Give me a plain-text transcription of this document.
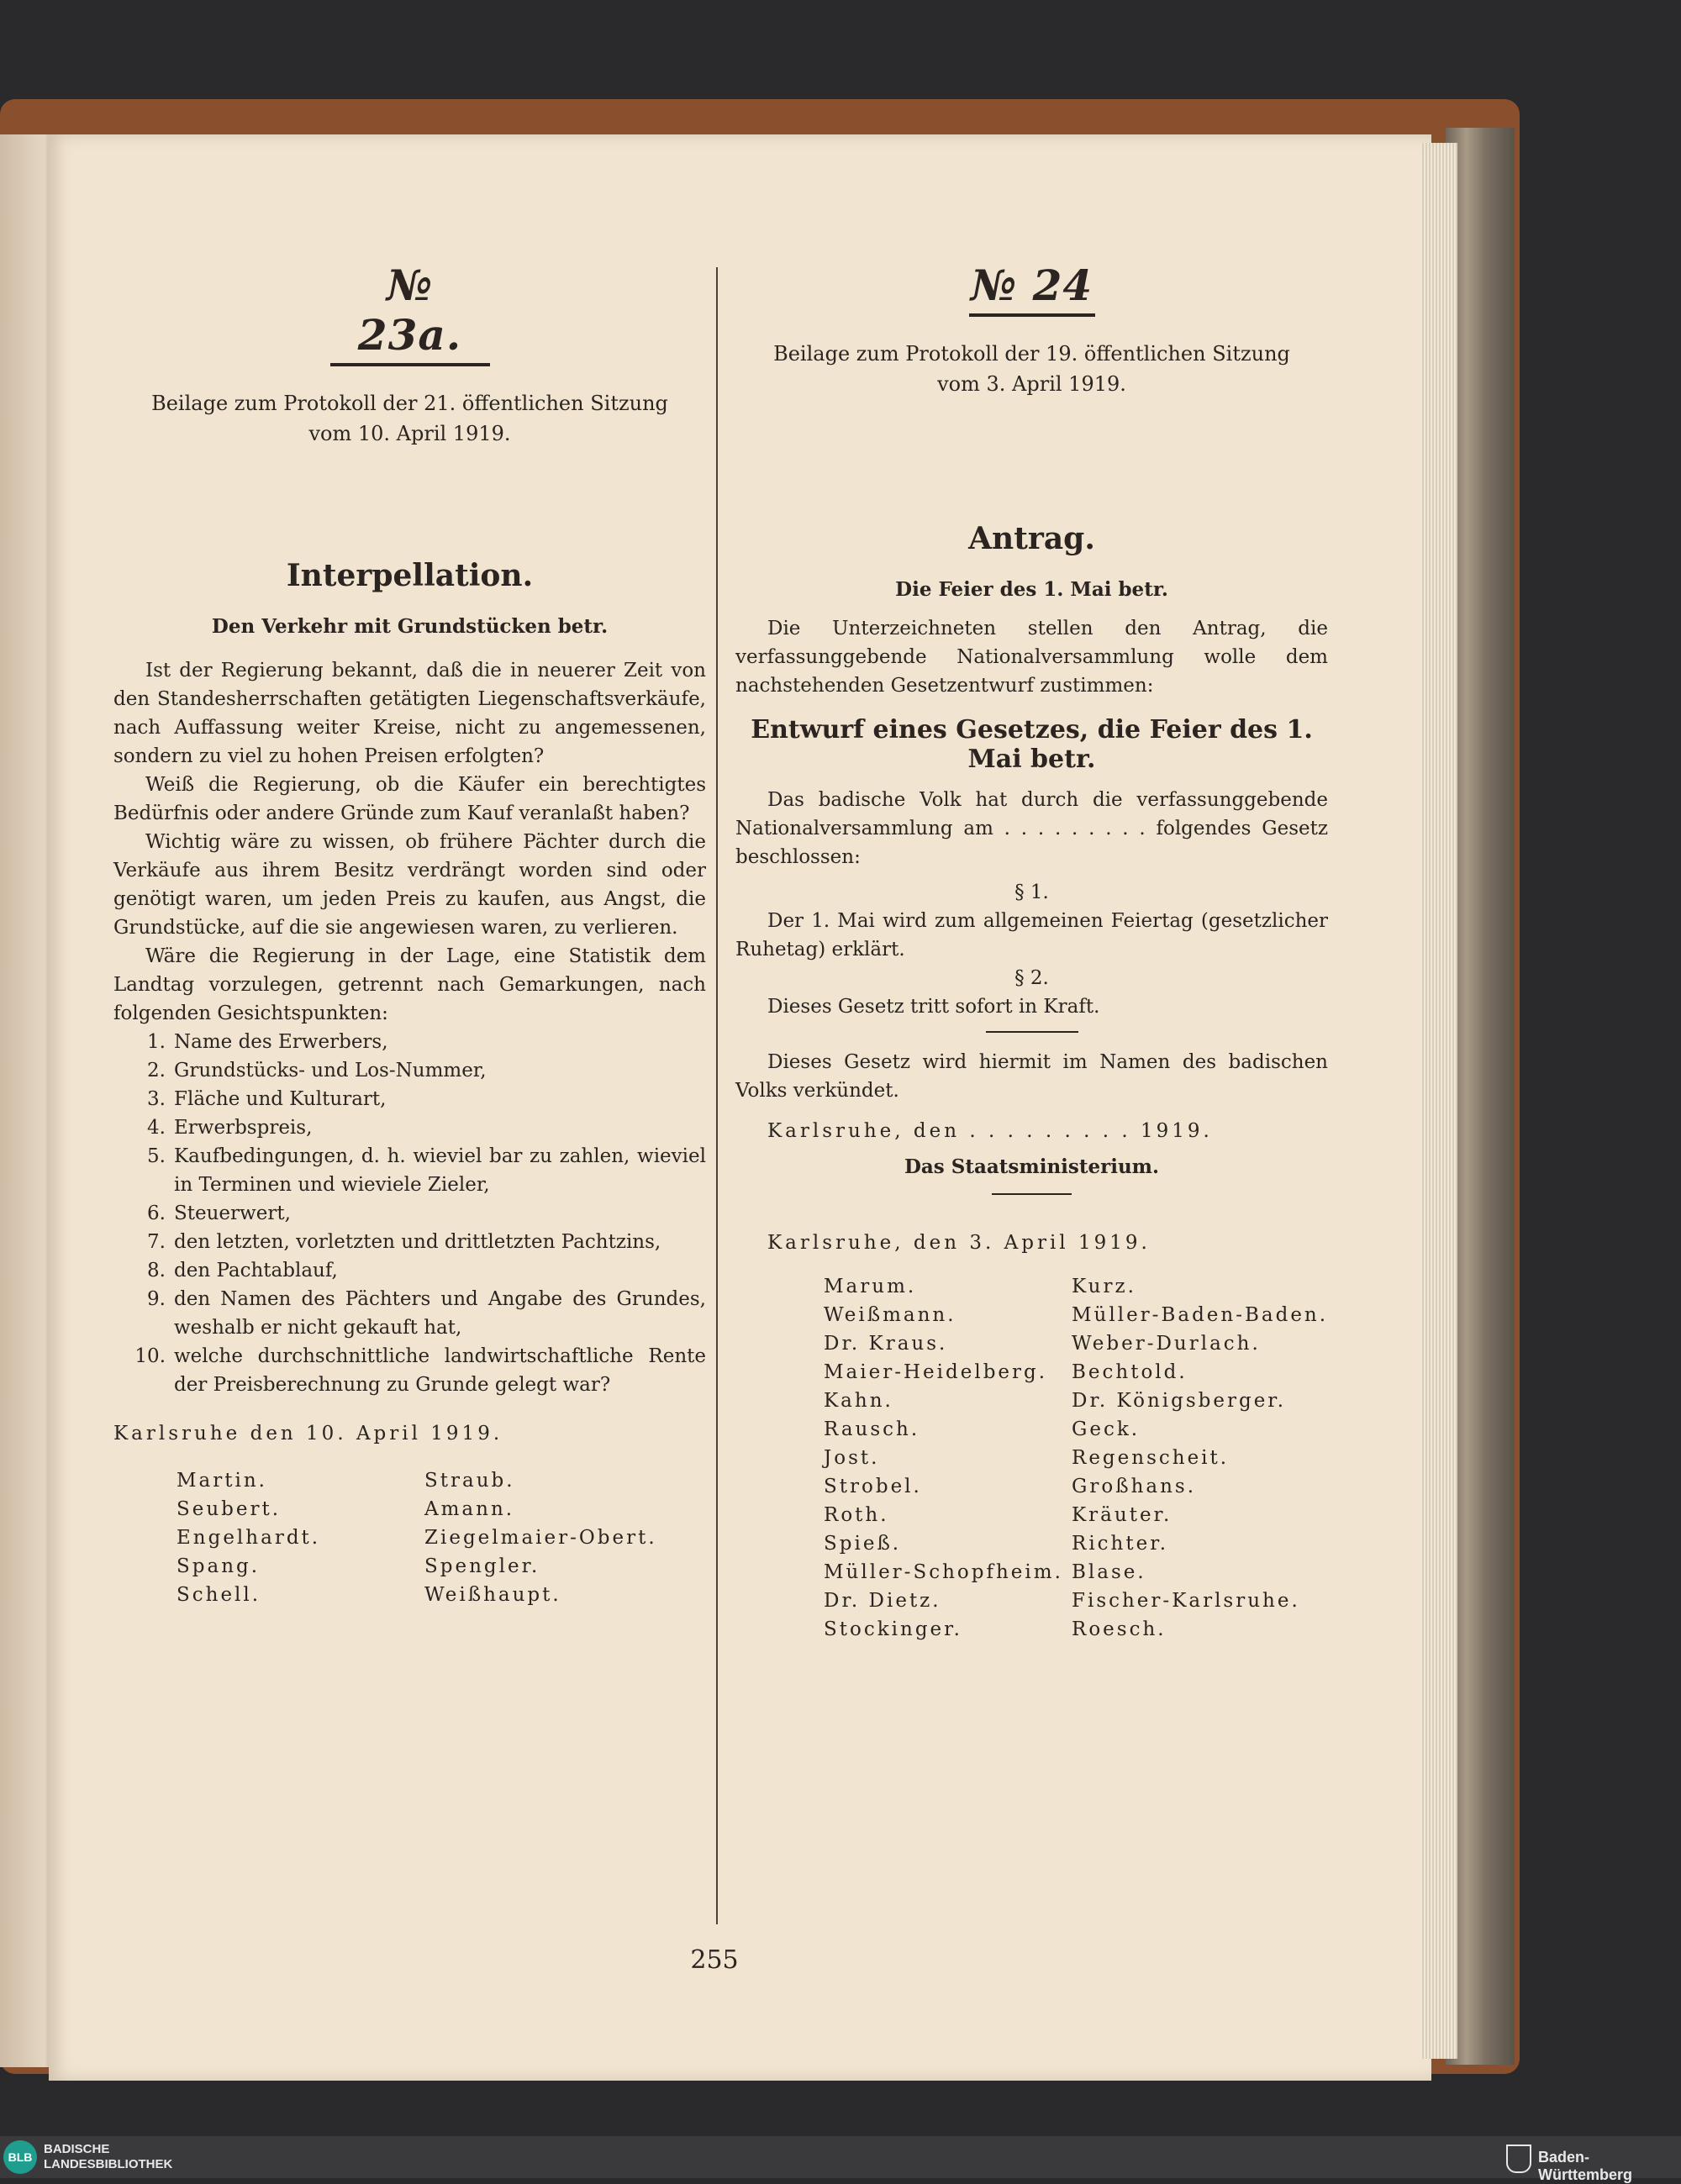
№ 23a.

Beilage zum Protokoll der 21. öffentlichen Sitzung

vom 10. April 1919.

Interpellation.

Den Verkehr mit Grundstücken betr.

Ist der Regierung bekannt, daß die in neuerer Zeit von den Standesherrschaften getätigten Liegenschaftsverkäufe, nach Auffassung weiter Kreise, nicht zu angemessenen, sondern zu viel zu hohen Preisen erfolgten?

Weiß die Regierung, ob die Käufer ein berechtigtes Bedürfnis oder andere Gründe zum Kauf veranlaßt haben?

Wichtig wäre zu wissen, ob frühere Pächter durch die Verkäufe aus ihrem Besitz verdrängt worden sind oder genötigt waren, um jeden Preis zu kaufen, aus Angst, die Grundstücke, auf die sie angewiesen waren, zu verlieren.

Wäre die Regierung in der Lage, eine Statistik dem Landtag vorzulegen, getrennt nach Gemarkungen, nach folgenden Gesichtspunkten:

1. Name des Erwerbers,
2. Grundstücks- und Los-Nummer,
3. Fläche und Kulturart,
4. Erwerbspreis,
5. Kaufbedingungen, d. h. wieviel bar zu zahlen, wieviel in Terminen und wieviele Zieler,
6. Steuerwert,
7. den letzten, vorletzten und drittletzten Pachtzins,
8. den Pachtablauf,
9. den Namen des Pächters und Angabe des Grundes, weshalb er nicht gekauft hat,
10. welche durchschnittliche landwirtschaftliche Rente der Preisberechnung zu Grunde gelegt war?

Karlsruhe den 10. April 1919.

Martin.	Straub.
Seubert.	Amann.
Engelhardt.	Ziegelmaier-Obert.
Spang.	Spengler.
Schell.	Weißhaupt.
№ 24

Beilage zum Protokoll der 19. öffentlichen Sitzung

vom 3. April 1919.

Antrag.

Die Feier des 1. Mai betr.

Die Unterzeichneten stellen den Antrag, die verfassunggebende Nationalversammlung wolle dem nachstehenden Gesetzentwurf zustimmen:

Entwurf eines Gesetzes, die Feier des 1. Mai betr.

Das badische Volk hat durch die verfassunggebende Nationalversammlung am . . . . . . . . . folgendes Gesetz beschlossen:

§ 1.

Der 1. Mai wird zum allgemeinen Feiertag (gesetzlicher Ruhetag) erklärt.

§ 2.

Dieses Gesetz tritt sofort in Kraft.

Dieses Gesetz wird hiermit im Namen des badischen Volks verkündet.

Karlsruhe, den . . . . . . . . . 1919.

Das Staatsministerium.

Karlsruhe, den 3. April 1919.

Marum.	Kurz.
Weißmann.	Müller-Baden-Baden.
Dr. Kraus.	Weber-Durlach.
Maier-Heidelberg.	Bechtold.
Kahn.	Dr. Königsberger.
Rausch.	Geck.
Jost.	Regenscheit.
Strobel.	Großhans.
Roth.	Kräuter.
Spieß.	Richter.
Müller-Schopfheim. Blase.
Dr. Dietz.	Fischer-Karlsruhe.
Stockinger.	Roesch.
255
BLB
BADISCHE
LANDESBIBLIOTHEK	Baden-Württemberg
